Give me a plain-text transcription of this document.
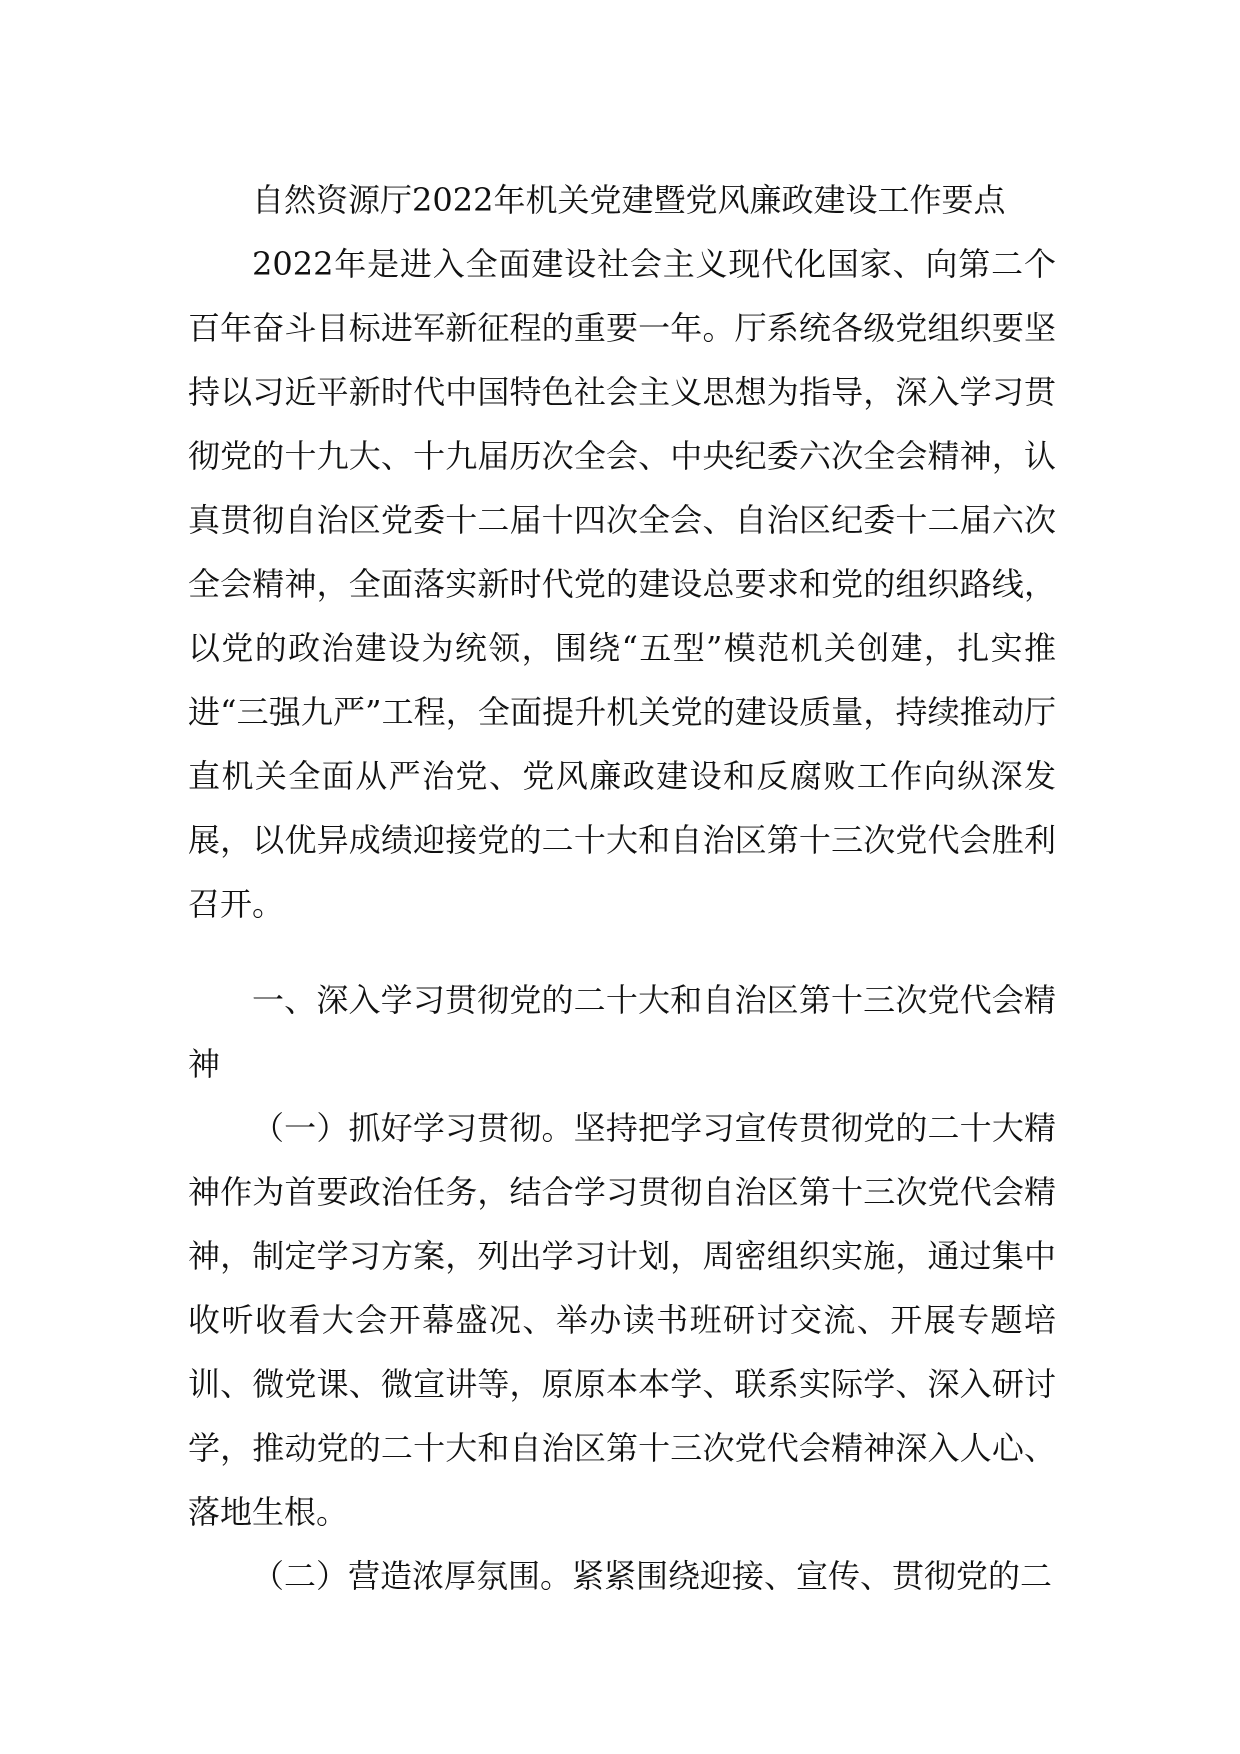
自然资源厅2022年机关党建暨党风廉政建设工作要点

2022年是进入全面建设社会主义现代化国家、向第二个百年奋斗目标进军新征程的重要一年。厅系统各级党组织要坚持以习近平新时代中国特色社会主义思想为指导，深入学习贯彻党的十九大、十九届历次全会、中央纪委六次全会精神，认真贯彻自治区党委十二届十四次全会、自治区纪委十二届六次全会精神，全面落实新时代党的建设总要求和党的组织路线，以党的政治建设为统领，围绕“五型”模范机关创建，扎实推进“三强九严”工程，全面提升机关党的建设质量，持续推动厅直机关全面从严治党、党风廉政建设和反腐败工作向纵深发展，以优异成绩迎接党的二十大和自治区第十三次党代会胜利召开。

一、深入学习贯彻党的二十大和自治区第十三次党代会精神

（一）抓好学习贯彻。坚持把学习宣传贯彻党的二十大精神作为首要政治任务，结合学习贯彻自治区第十三次党代会精神，制定学习方案，列出学习计划，周密组织实施，通过集中收听收看大会开幕盛况、举办读书班研讨交流、开展专题培训、微党课、微宣讲等，原原本本学、联系实际学、深入研讨学，推动党的二十大和自治区第十三次党代会精神深入人心、落地生根。

（二）营造浓厚氛围。紧紧围绕迎接、宣传、贯彻党的二
